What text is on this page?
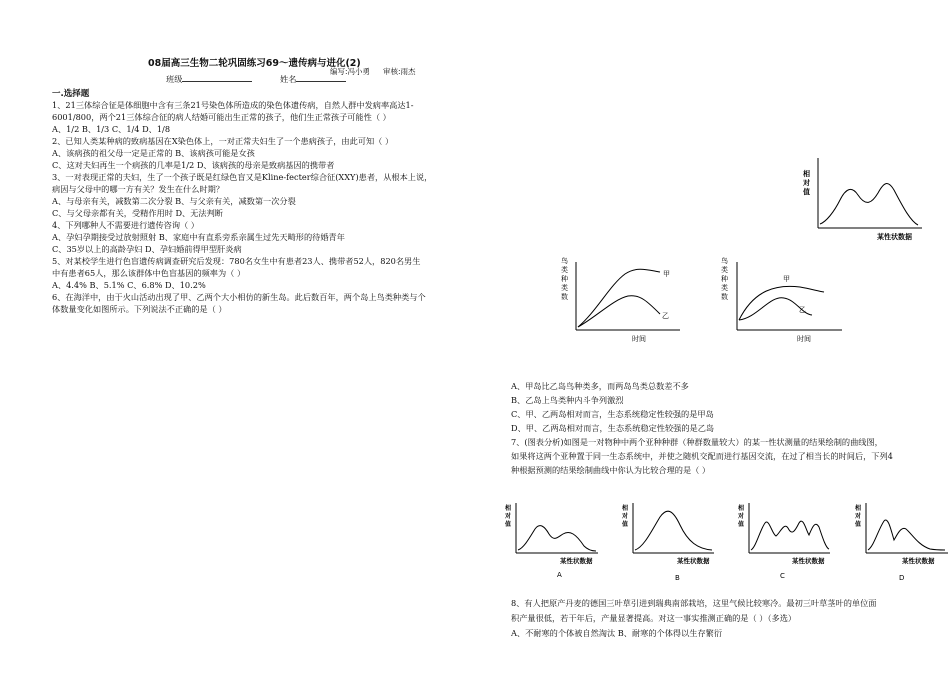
08届高三生物二轮巩固练习69～遗传病与进化(2)
编写:冯小勇 审核:雨杰
班级	姓名
一.选择题
1、21三体综合征是体细胞中含有三条21号染色体所造成的染色体遗传病，自然人群中发病率高达1-
6001/800，两个21三体综合征的病人结婚可能出生正常的孩子，他们生正常孩子可能性（ ）
A、1/2 B、1/3 C、1/4 D、1/8
2、已知人类某种病的致病基因在X染色体上，一对正常夫妇生了一个患病孩子，由此可知（ ）
A、该病孩的祖父母一定是正常的 B、该病孩可能是女孩
C、这对夫妇再生一个病孩的几率是1/2 D、该病孩的母亲是致病基因的携带者
3、一对表现正常的夫妇，生了一个孩子既是红绿色盲又是Kline-fecter综合征(XXY)患者，从根本上说，
病因与父母中的哪一方有关？发生在什么时期？
A、与母亲有关，减数第二次分裂 B、与父亲有关，减数第一次分裂
C、与父母亲都有关，受精作用时 D、无法判断
4、下列哪种人不需要进行遗传咨询（ ）
A、孕妇孕期接受过放射照射 B、家庭中有直系旁系亲属生过先天畸形的待婚青年
C、35岁以上的高龄孕妇 D、孕妇婚前得甲型肝炎病
5、对某校学生进行色盲遗传病调查研究后发现：780名女生中有患者23人、携带者52人，820名男生
中有患者65人，那么该群体中色盲基因的频率为（ ）
A、4.4% B、5.1% C、6.8% D、10.2%
6、在海洋中，由于火山活动出现了甲、乙两个大小相仿的新生岛。此后数百年，两个岛上鸟类种类与个
体数量变化如图所示。下列说法不正确的是（ ）
A、甲岛比乙岛鸟种类多，而两岛鸟类总数差不多
B、乙岛上鸟类种内斗争列激烈
C、甲、乙两岛相对而言，生态系统稳定性较强的是甲岛
D、甲、乙两岛相对而言，生态系统稳定性较强的是乙岛
7、(图表分析)如图是一对物种中两个亚种种群（种群数量较大）的某一性状测量的结果绘制的曲线图，
如果将这两个亚种置于同一生态系统中，并使之随机交配而进行基因交流，在过了相当长的时间后，下列4
种根据预测的结果绘制曲线中你认为比较合理的是（ ）
8、有人把原产丹麦的德国三叶草引进到瑞典南部栽培，这里气候比较寒冷。最初三叶草茎叶的单位面
积产量很低，若干年后，产量显著提高。对这一事实推测正确的是（ ）（多选）
A、不耐寒的个体被自然淘汰 B、耐寒的个体得以生存繁衍
相
对
值
某性状数据
鸟
类
种
类
数
甲
乙
时间
鸟
类
种
类
数
甲
乙
时间
相
对
值
某性状数据
A
相
对
值
某性状数据
B
相
对
值
某性状数据
C
相
对
值
某性状数据
D
